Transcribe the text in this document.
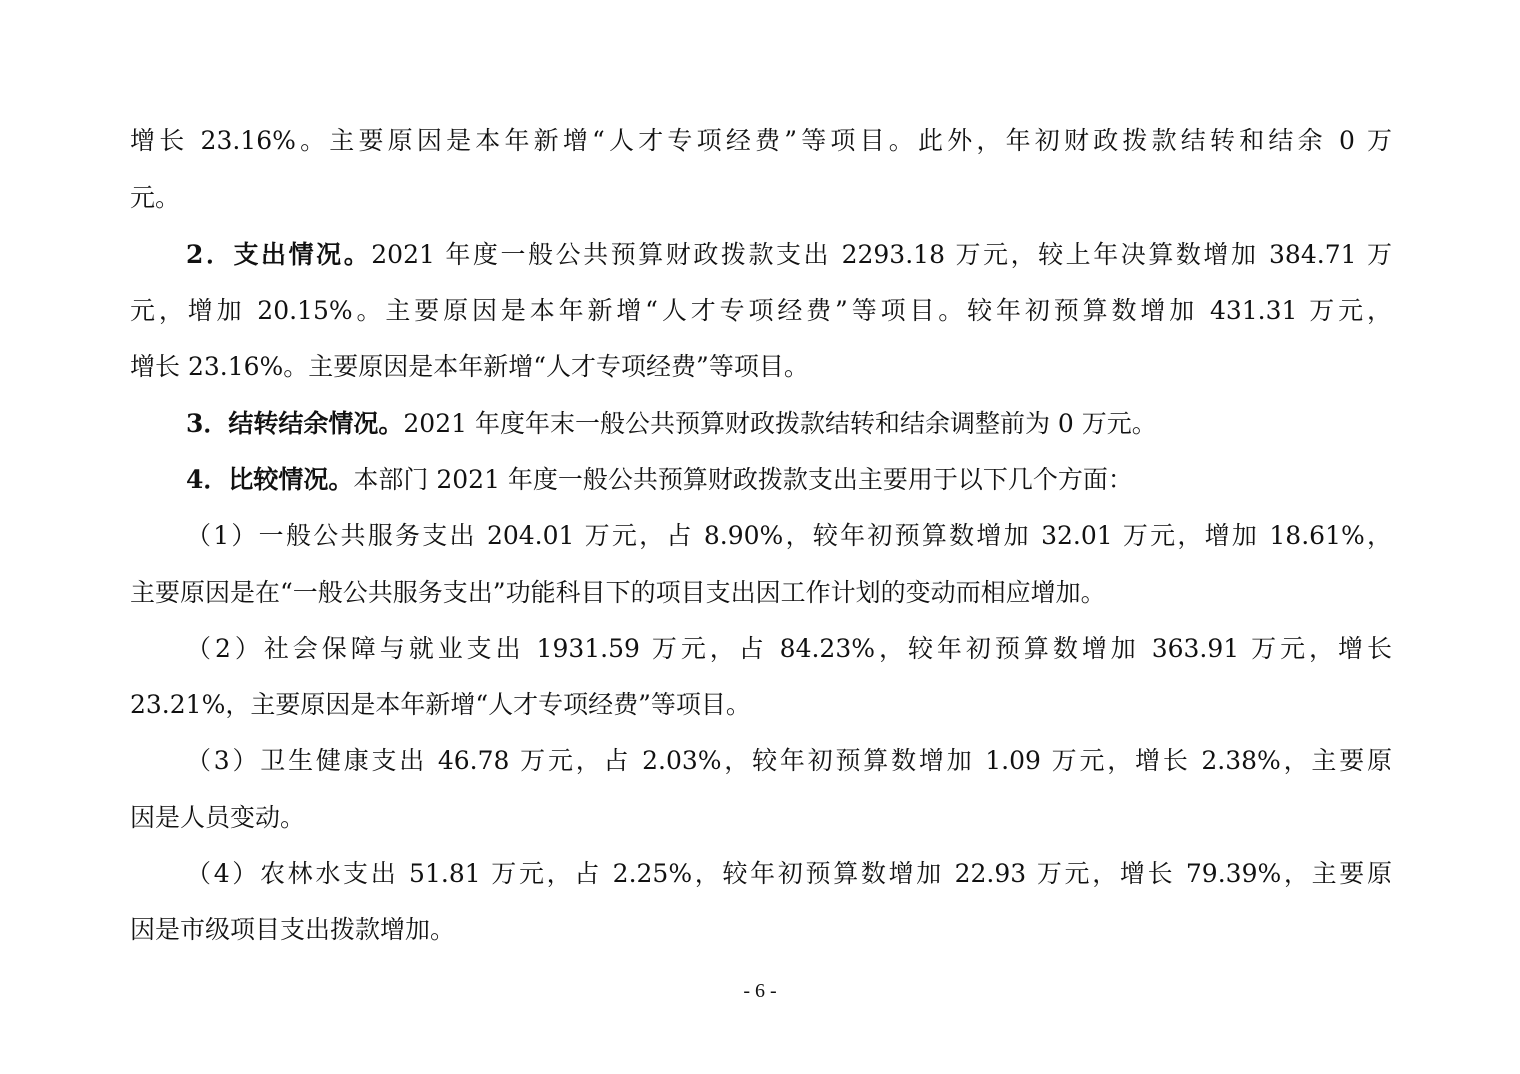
增长 23.16%。主要原因是本年新增“人才专项经费”等项目。此外，年初财政拨款结转和结余 0 万
元。
2．支出情况。2021 年度一般公共预算财政拨款支出 2293.18 万元，较上年决算数增加 384.71 万
元，增加 20.15%。主要原因是本年新增“人才专项经费”等项目。较年初预算数增加 431.31 万元，
增长 23.16%。主要原因是本年新增“人才专项经费”等项目。
3．结转结余情况。2021 年度年末一般公共预算财政拨款结转和结余调整前为 0 万元。
4．比较情况。本部门 2021 年度一般公共预算财政拨款支出主要用于以下几个方面：
（1）一般公共服务支出 204.01 万元，占 8.90%，较年初预算数增加 32.01 万元，增加 18.61%，
主要原因是在“一般公共服务支出”功能科目下的项目支出因工作计划的变动而相应增加。
（2）社会保障与就业支出 1931.59 万元，占 84.23%，较年初预算数增加 363.91 万元，增长
23.21%，主要原因是本年新增“人才专项经费”等项目。
（3）卫生健康支出 46.78 万元，占 2.03%，较年初预算数增加 1.09 万元，增长 2.38%，主要原
因是人员变动。
（4）农林水支出 51.81 万元，占 2.25%，较年初预算数增加 22.93 万元，增长 79.39%，主要原
因是市级项目支出拨款增加。
- 6 -
